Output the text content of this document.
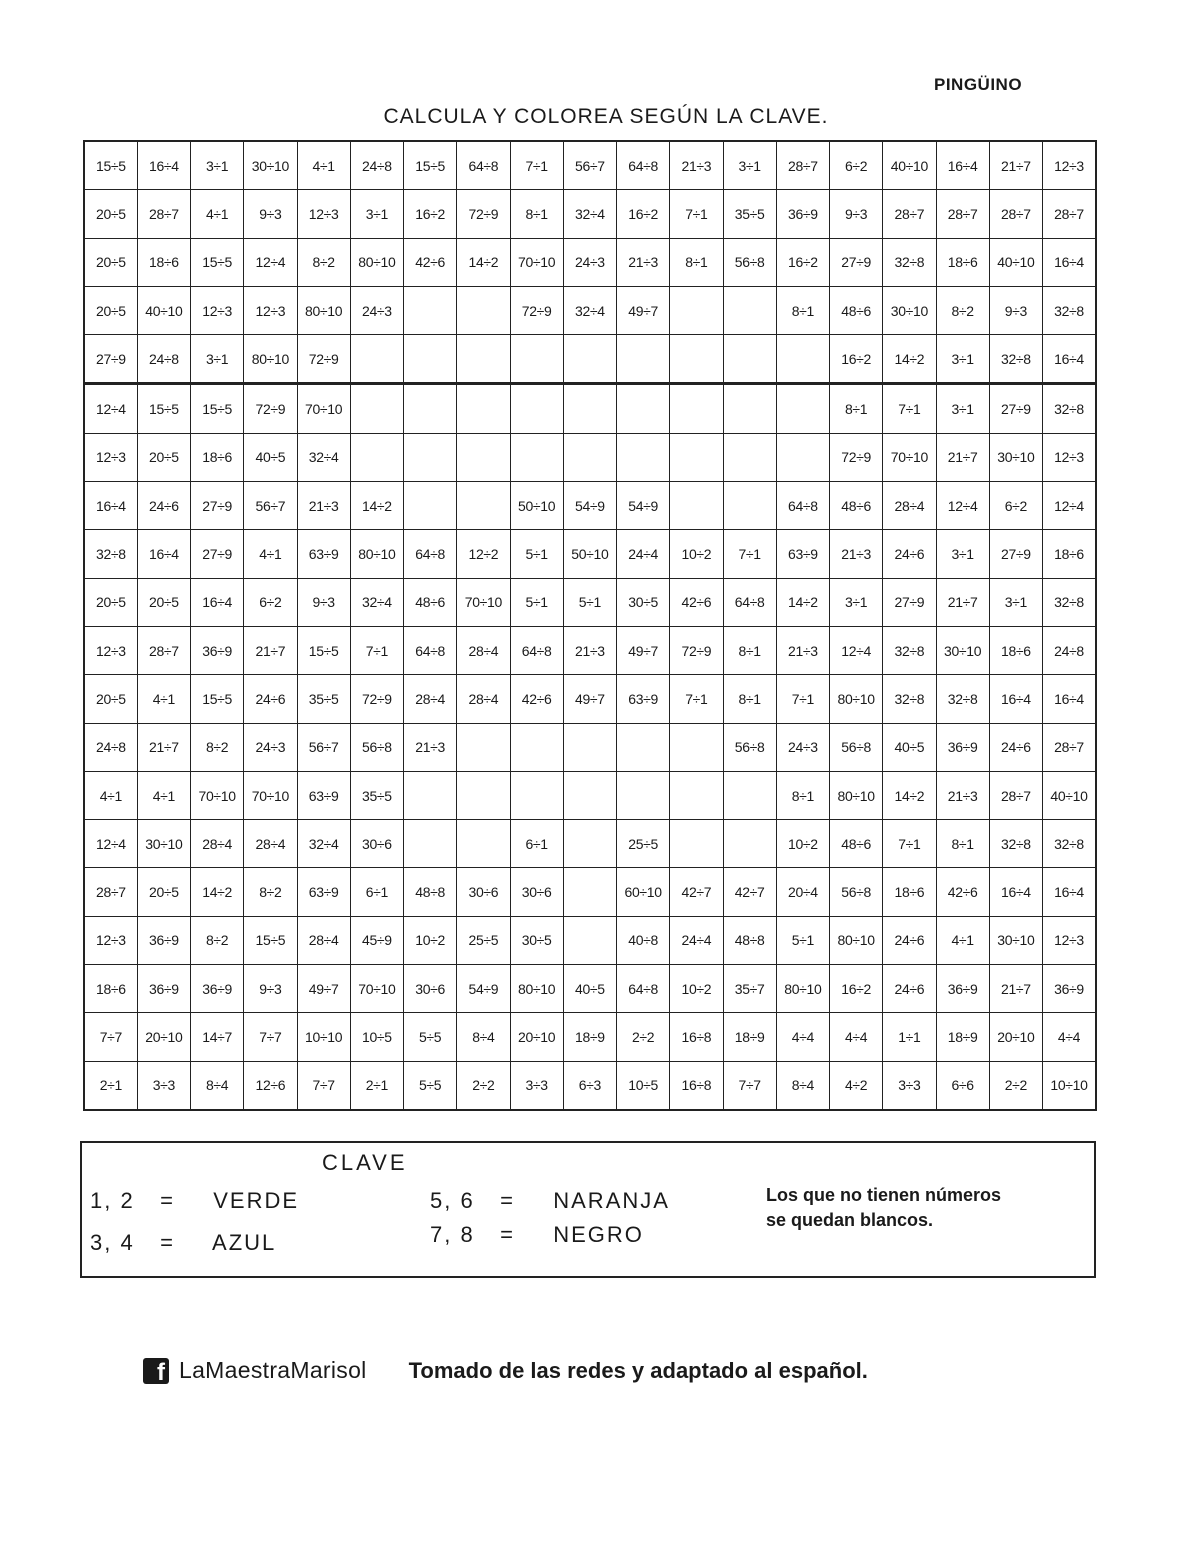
PINGÜINO
CALCULA Y COLOREA SEGÚN LA CLAVE.
15÷5	16÷4	3÷1	30÷10	4÷1	24÷8	15÷5	64÷8	7÷1	56÷7	64÷8	21÷3	3÷1	28÷7	6÷2	40÷10	16÷4	21÷7	12÷3
20÷5	28÷7	4÷1	9÷3	12÷3	3÷1	16÷2	72÷9	8÷1	32÷4	16÷2	7÷1	35÷5	36÷9	9÷3	28÷7	28÷7	28÷7	28÷7
20÷5	18÷6	15÷5	12÷4	8÷2	80÷10	42÷6	14÷2	70÷10	24÷3	21÷3	8÷1	56÷8	16÷2	27÷9	32÷8	18÷6	40÷10	16÷4
20÷5	40÷10	12÷3	12÷3	80÷10	24÷3			72÷9	32÷4	49÷7			8÷1	48÷6	30÷10	8÷2	9÷3	32÷8
27÷9	24÷8	3÷1	80÷10	72÷9										16÷2	14÷2	3÷1	32÷8	16÷4
12÷4	15÷5	15÷5	72÷9	70÷10										8÷1	7÷1	3÷1	27÷9	32÷8
12÷3	20÷5	18÷6	40÷5	32÷4										72÷9	70÷10	21÷7	30÷10	12÷3
16÷4	24÷6	27÷9	56÷7	21÷3	14÷2			50÷10	54÷9	54÷9			64÷8	48÷6	28÷4	12÷4	6÷2	12÷4
32÷8	16÷4	27÷9	4÷1	63÷9	80÷10	64÷8	12÷2	5÷1	50÷10	24÷4	10÷2	7÷1	63÷9	21÷3	24÷6	3÷1	27÷9	18÷6
20÷5	20÷5	16÷4	6÷2	9÷3	32÷4	48÷6	70÷10	5÷1	5÷1	30÷5	42÷6	64÷8	14÷2	3÷1	27÷9	21÷7	3÷1	32÷8
12÷3	28÷7	36÷9	21÷7	15÷5	7÷1	64÷8	28÷4	64÷8	21÷3	49÷7	72÷9	8÷1	21÷3	12÷4	32÷8	30÷10	18÷6	24÷8
20÷5	4÷1	15÷5	24÷6	35÷5	72÷9	28÷4	28÷4	42÷6	49÷7	63÷9	7÷1	8÷1	7÷1	80÷10	32÷8	32÷8	16÷4	16÷4
24÷8	21÷7	8÷2	24÷3	56÷7	56÷8	21÷3						56÷8	24÷3	56÷8	40÷5	36÷9	24÷6	28÷7
4÷1	4÷1	70÷10	70÷10	63÷9	35÷5								8÷1	80÷10	14÷2	21÷3	28÷7	40÷10
12÷4	30÷10	28÷4	28÷4	32÷4	30÷6			6÷1		25÷5			10÷2	48÷6	7÷1	8÷1	32÷8	32÷8
28÷7	20÷5	14÷2	8÷2	63÷9	6÷1	48÷8	30÷6	30÷6		60÷10	42÷7	42÷7	20÷4	56÷8	18÷6	42÷6	16÷4	16÷4
12÷3	36÷9	8÷2	15÷5	28÷4	45÷9	10÷2	25÷5	30÷5		40÷8	24÷4	48÷8	5÷1	80÷10	24÷6	4÷1	30÷10	12÷3
18÷6	36÷9	36÷9	9÷3	49÷7	70÷10	30÷6	54÷9	80÷10	40÷5	64÷8	10÷2	35÷7	80÷10	16÷2	24÷6	36÷9	21÷7	36÷9
7÷7	20÷10	14÷7	7÷7	10÷10	10÷5	5÷5	8÷4	20÷10	18÷9	2÷2	16÷8	18÷9	4÷4	4÷4	1÷1	18÷9	20÷10	4÷4
2÷1	3÷3	8÷4	12÷6	7÷7	2÷1	5÷5	2÷2	3÷3	6÷3	10÷5	16÷8	7÷7	8÷4	4÷2	3÷3	6÷6	2÷2	10÷10
CLAVE
1, 2 = VERDE
3, 4 = AZUL
5, 6 = NARANJA
7, 8 = NEGRO
Los que no tienen números
se quedan blancos.
f
LaMaestraMarisol Tomado de las redes y adaptado al español.
